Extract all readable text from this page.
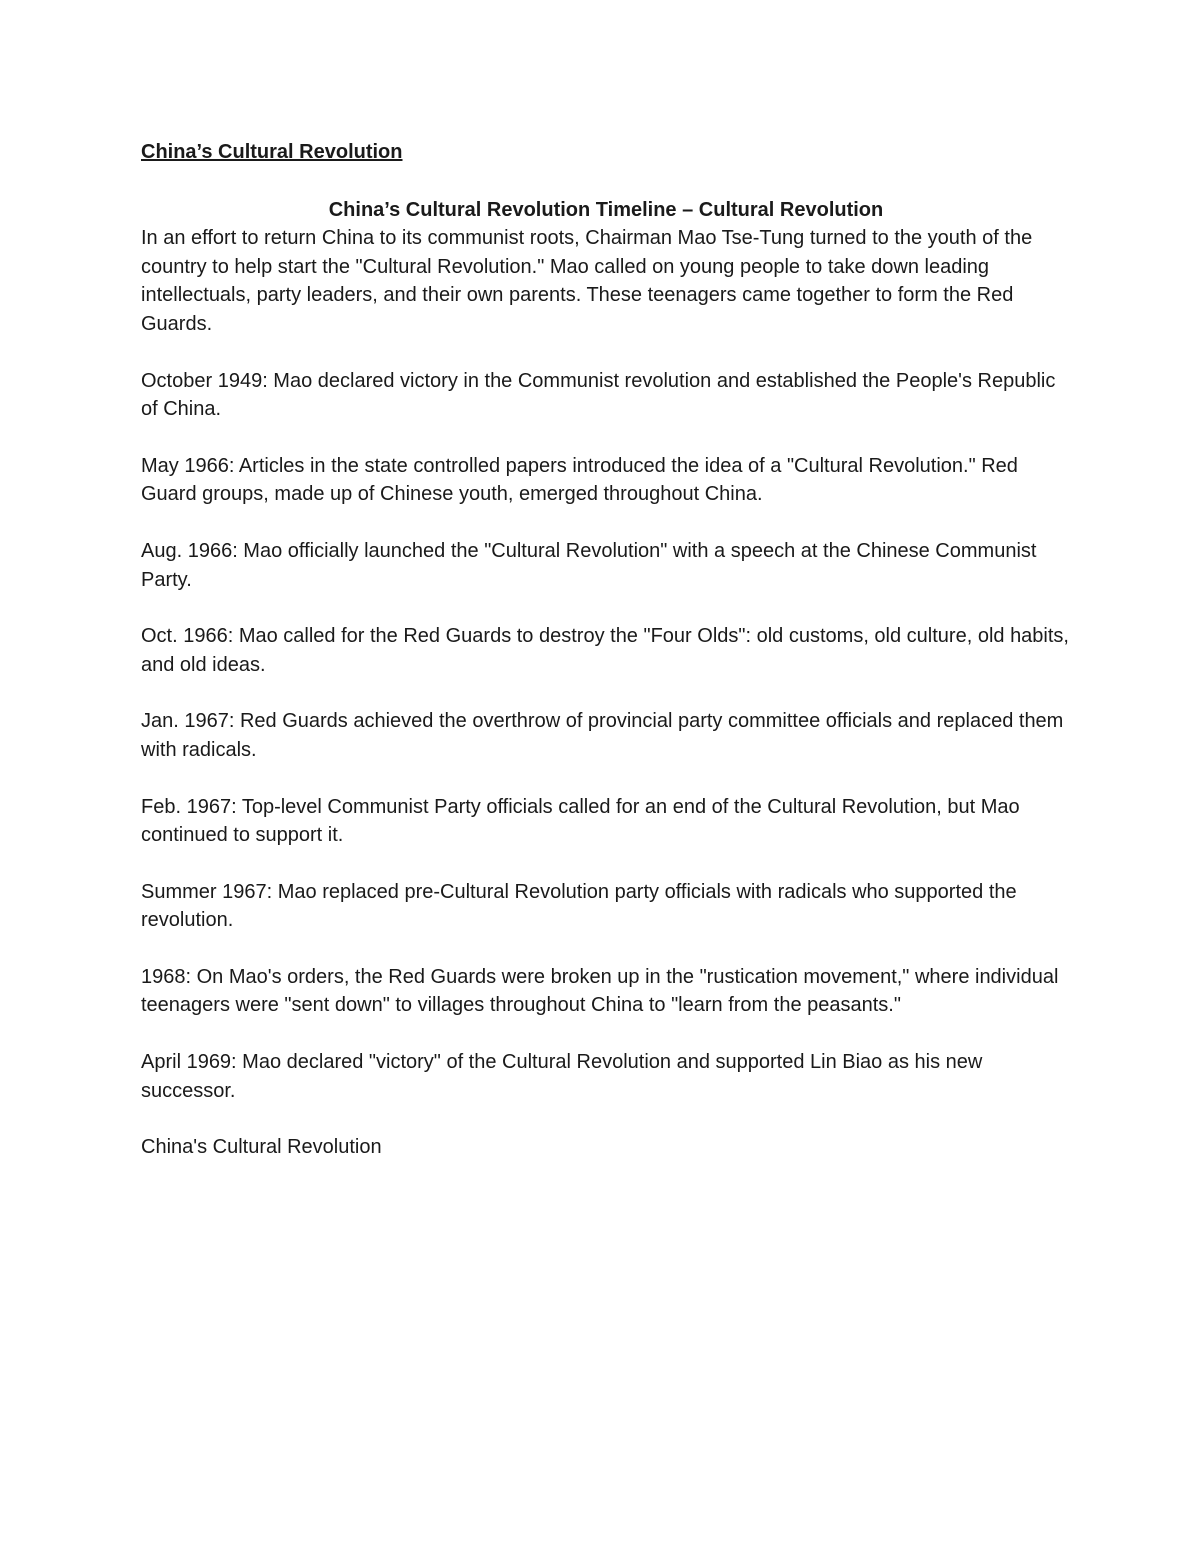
China’s Cultural Revolution

China’s Cultural Revolution Timeline – Cultural Revolution

In an effort to return China to its communist roots, Chairman Mao Tse-Tung turned to the youth of the country to help start the "Cultural Revolution." Mao called on young people to take down leading intellectuals, party leaders, and their own parents. These teenagers came together to form the Red Guards.

October 1949: Mao declared victory in the Communist revolution and established the People's Republic of China.

May 1966: Articles in the state controlled papers introduced the idea of a "Cultural Revolution." Red Guard groups, made up of Chinese youth, emerged throughout China.

Aug. 1966: Mao officially launched the "Cultural Revolution" with a speech at the Chinese Communist Party.

Oct. 1966: Mao called for the Red Guards to destroy the "Four Olds": old customs, old culture, old habits, and old ideas.

Jan. 1967: Red Guards achieved the overthrow of provincial party committee officials and replaced them with radicals.

Feb. 1967: Top-level Communist Party officials called for an end of the Cultural Revolution, but Mao continued to support it.

Summer 1967: Mao replaced pre-Cultural Revolution party officials with radicals who supported the revolution.

1968: On Mao's orders, the Red Guards were broken up in the "rustication movement," where individual teenagers were "sent down" to villages throughout China to "learn from the peasants."

April 1969: Mao declared "victory" of the Cultural Revolution and supported Lin Biao as his new successor.

China's Cultural Revolution
